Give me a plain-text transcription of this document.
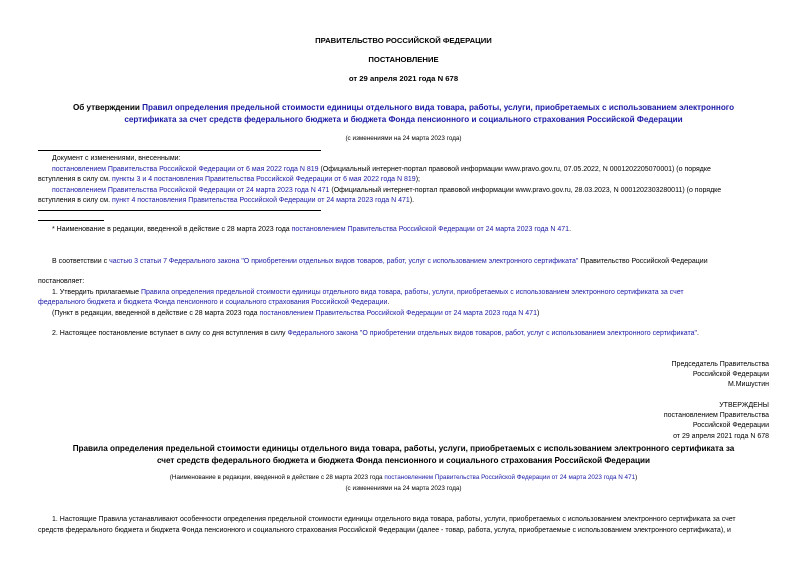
ПРАВИТЕЛЬСТВО РОССИЙСКОЙ ФЕДЕРАЦИИ
ПОСТАНОВЛЕНИЕ
от 29 апреля 2021 года N 678
Об утверждении Правил определения предельной стоимости единицы отдельного вида товара, работы, услуги, приобретаемых с использованием электронного
сертификата за счет средств федерального бюджета и бюджета Фонда пенсионного и социального страхования Российской Федерации
(с изменениями на 24 марта 2023 года)
Документ с изменениями, внесенными:
постановлением Правительства Российской Федерации от 6 мая 2022 года N 819 (Официальный интернет-портал правовой информации www.pravo.gov.ru, 07.05.2022, N 0001202205070001) (о порядке
вступления в силу см. пункты 3 и 4 постановления Правительства Российской Федерации от 6 мая 2022 года N 819);
постановлением Правительства Российской Федерации от 24 марта 2023 года N 471 (Официальный интернет-портал правовой информации www.pravo.gov.ru, 28.03.2023, N 0001202303280011) (о порядке
вступления в силу см. пункт 4 постановления Правительства Российской Федерации от 24 марта 2023 года N 471).
* Наименование в редакции, введенной в действие с 28 марта 2023 года постановлением Правительства Российской Федерации от 24 марта 2023 года N 471.
В соответствии с частью 3 статьи 7 Федерального закона "О приобретении отдельных видов товаров, работ, услуг с использованием электронного сертификата" Правительство Российской Федерации
постановляет:
1. Утвердить прилагаемые Правила определения предельной стоимости единицы отдельного вида товара, работы, услуги, приобретаемых с использованием электронного сертификата за счет
федерального бюджета и бюджета Фонда пенсионного и социального страхования Российской Федерации.
(Пункт в редакции, введенной в действие с 28 марта 2023 года постановлением Правительства Российской Федерации от 24 марта 2023 года N 471)
2. Настоящее постановление вступает в силу со дня вступления в силу Федерального закона "О приобретении отдельных видов товаров, работ, услуг с использованием электронного сертификата".
Председатель Правительства
Российской Федерации
М.Мишустин
УТВЕРЖДЕНЫ
постановлением Правительства
Российской Федерации
от 29 апреля 2021 года N 678
Правила определения предельной стоимости единицы отдельного вида товара, работы, услуги, приобретаемых с использованием электронного сертификата за
счет средств федерального бюджета и бюджета Фонда пенсионного и социального страхования Российской Федерации
(Наименование в редакции, введенной в действие с 28 марта 2023 года постановлением Правительства Российской Федерации от 24 марта 2023 года N 471)
(с изменениями на 24 марта 2023 года)
1. Настоящие Правила устанавливают особенности определения предельной стоимости единицы отдельного вида товара, работы, услуги, приобретаемых с использованием электронного сертификата за счет
средств федерального бюджета и бюджета Фонда пенсионного и социального страхования Российской Федерации (далее - товар, работа, услуга, приобретаемые с использованием электронного сертификата), и
